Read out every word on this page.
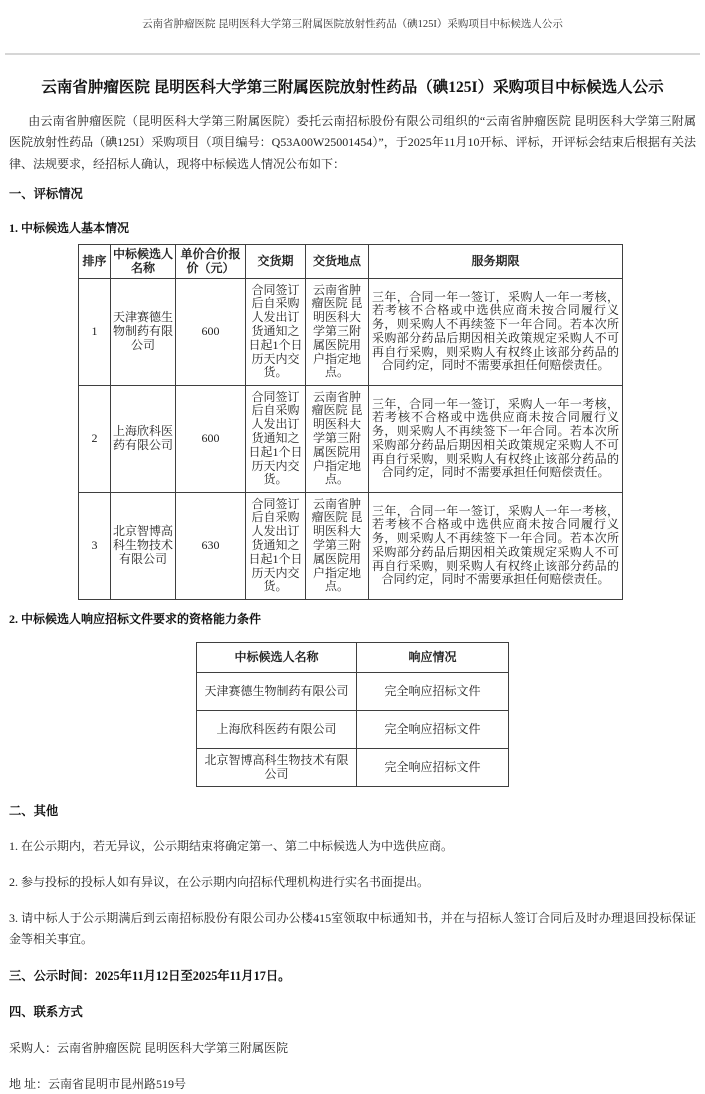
云南省肿瘤医院 昆明医科大学第三附属医院放射性药品（碘125I）采购项目中标候选人公示
云南省肿瘤医院 昆明医科大学第三附属医院放射性药品（碘125I）采购项目中标候选人公示

由云南省肿瘤医院（昆明医科大学第三附属医院）委托云南招标股份有限公司组织的“云南省肿瘤医院 昆明医科大学第三附属医院放射性药品（碘125I）采购项目（项目编号：Q53A00W25001454）”，于2025年11月10开标、评标，开评标会结束后根据有关法律、法规要求，经招标人确认，现将中标候选人情况公布如下：

一、评标情况
1. 中标候选人基本情况
排序	中标候选人名称	单价合价报价（元）	交货期	交货地点	服务期限
1	天津赛德生物制药有限公司	600	合同签订后自采购人发出订货通知之日起1个日历天内交货。	云南省肿瘤医院 昆明医科大学第三附属医院用户指定地点。	三年，合同一年一签订，采购人一年一考核，若考核不合格或中选供应商未按合同履行义务，则采购人不再续签下一年合同。若本次所采购部分药品后期因相关政策规定采购人不可再自行采购，则采购人有权终止该部分药品的合同约定，同时不需要承担任何赔偿责任。
2	上海欣科医药有限公司	600	合同签订后自采购人发出订货通知之日起1个日历天内交货。	云南省肿瘤医院 昆明医科大学第三附属医院用户指定地点。	三年，合同一年一签订，采购人一年一考核，若考核不合格或中选供应商未按合同履行义务，则采购人不再续签下一年合同。若本次所采购部分药品后期因相关政策规定采购人不可再自行采购，则采购人有权终止该部分药品的合同约定，同时不需要承担任何赔偿责任。
3	北京智博高科生物技术有限公司	630	合同签订后自采购人发出订货通知之日起1个日历天内交货。	云南省肿瘤医院 昆明医科大学第三附属医院用户指定地点。	三年，合同一年一签订，采购人一年一考核，若考核不合格或中选供应商未按合同履行义务，则采购人不再续签下一年合同。若本次所采购部分药品后期因相关政策规定采购人不可再自行采购，则采购人有权终止该部分药品的合同约定，同时不需要承担任何赔偿责任。
2. 中标候选人响应招标文件要求的资格能力条件
中标候选人名称	响应情况
天津赛德生物制药有限公司	完全响应招标文件
上海欣科医药有限公司	完全响应招标文件
北京智博高科生物技术有限公司	完全响应招标文件
二、其他

1. 在公示期内，若无异议，公示期结束将确定第一、第二中标候选人为中选供应商。

2. 参与投标的投标人如有异议，在公示期内向招标代理机构进行实名书面提出。

3. 请中标人于公示期满后到云南招标股份有限公司办公楼415室领取中标通知书，并在与招标人签订合同后及时办理退回投标保证金等相关事宜。

三、公示时间：2025年11月12日至2025年11月17日。
四、联系方式

采购人：云南省肿瘤医院 昆明医科大学第三附属医院

地 址：云南省昆明市昆州路519号
